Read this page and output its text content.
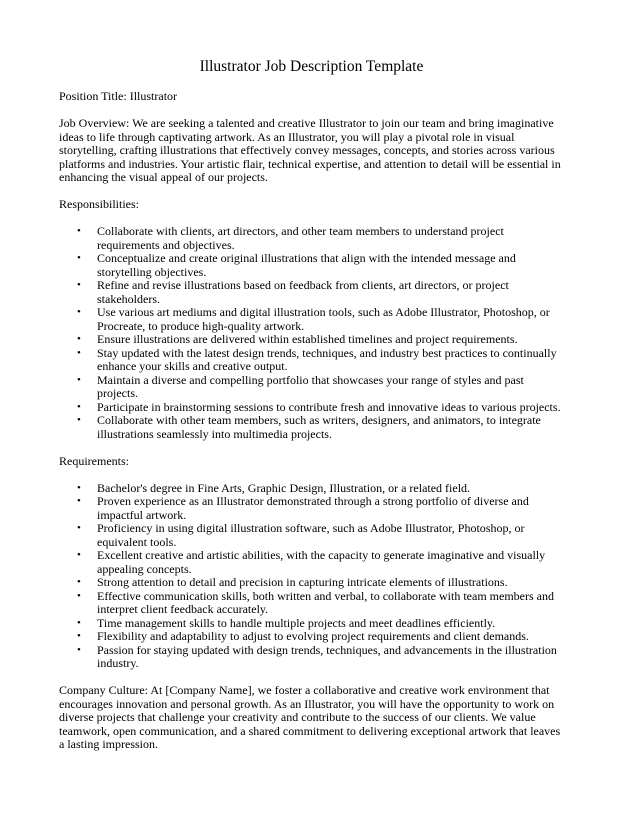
Illustrator Job Description Template

Position Title: Illustrator

Job Overview: We are seeking a talented and creative Illustrator to join our team and bring imaginative ideas to life through captivating artwork. As an Illustrator, you will play a pivotal role in visual storytelling, crafting illustrations that effectively convey messages, concepts, and stories across various platforms and industries. Your artistic flair, technical expertise, and attention to detail will be essential in enhancing the visual appeal of our projects.

Responsibilities:

• Collaborate with clients, art directors, and other team members to understand project requirements and objectives.
• Conceptualize and create original illustrations that align with the intended message and storytelling objectives.
• Refine and revise illustrations based on feedback from clients, art directors, or project stakeholders.
• Use various art mediums and digital illustration tools, such as Adobe Illustrator, Photoshop, or Procreate, to produce high-quality artwork.
• Ensure illustrations are delivered within established timelines and project requirements.
• Stay updated with the latest design trends, techniques, and industry best practices to continually enhance your skills and creative output.
• Maintain a diverse and compelling portfolio that showcases your range of styles and past projects.
• Participate in brainstorming sessions to contribute fresh and innovative ideas to various projects.
• Collaborate with other team members, such as writers, designers, and animators, to integrate illustrations seamlessly into multimedia projects.

Requirements:

• Bachelor's degree in Fine Arts, Graphic Design, Illustration, or a related field.
• Proven experience as an Illustrator demonstrated through a strong portfolio of diverse and impactful artwork.
• Proficiency in using digital illustration software, such as Adobe Illustrator, Photoshop, or equivalent tools.
• Excellent creative and artistic abilities, with the capacity to generate imaginative and visually appealing concepts.
• Strong attention to detail and precision in capturing intricate elements of illustrations.
• Effective communication skills, both written and verbal, to collaborate with team members and interpret client feedback accurately.
• Time management skills to handle multiple projects and meet deadlines efficiently.
• Flexibility and adaptability to adjust to evolving project requirements and client demands.
• Passion for staying updated with design trends, techniques, and advancements in the illustration industry.

Company Culture: At [Company Name], we foster a collaborative and creative work environment that encourages innovation and personal growth. As an Illustrator, you will have the opportunity to work on diverse projects that challenge your creativity and contribute to the success of our clients. We value teamwork, open communication, and a shared commitment to delivering exceptional artwork that leaves a lasting impression.
